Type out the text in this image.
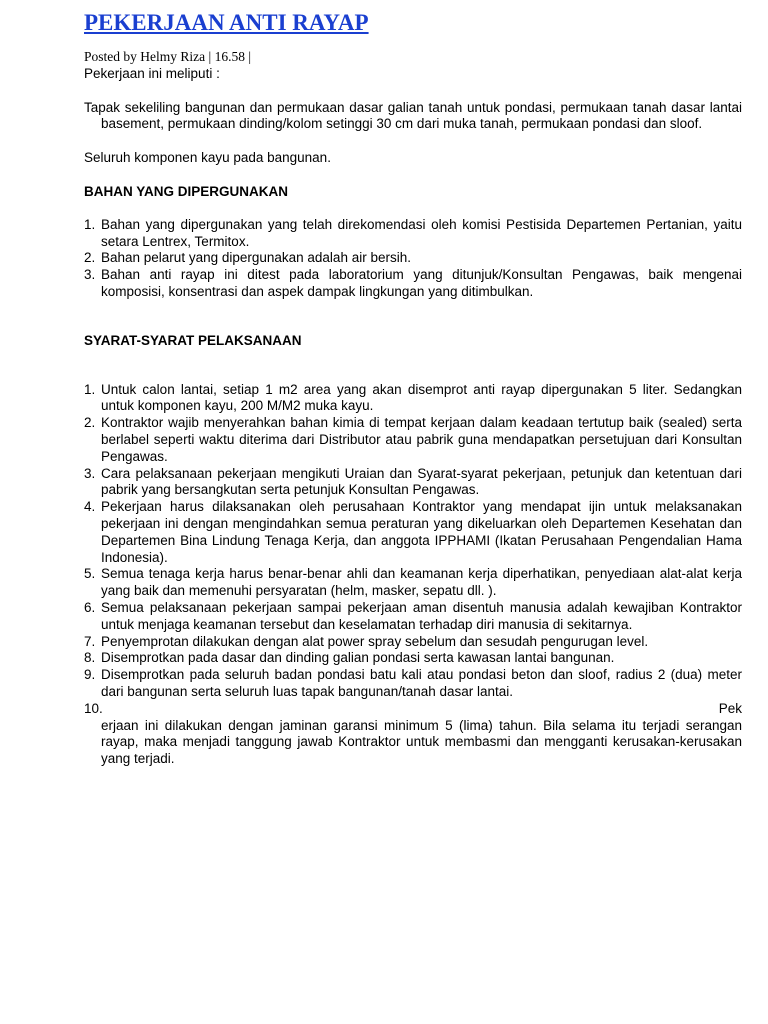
PEKERJAAN ANTI RAYAP
Posted by Helmy Riza | 16.58 |

Pekerjaan ini meliputi :

Tapak sekeliling bangunan dan permukaan dasar galian tanah untuk pondasi, permukaan tanah dasar lantai basement, permukaan dinding/kolom setinggi 30 cm dari muka tanah, permukaan pondasi dan sloof.

Seluruh komponen kayu pada bangunan.

BAHAN YANG DIPERGUNAKAN

1. Bahan yang dipergunakan yang telah direkomendasi oleh komisi Pestisida Departemen Pertanian, yaitu setara Lentrex, Termitox.
2. Bahan pelarut yang dipergunakan adalah air bersih.
3. Bahan anti rayap ini ditest pada laboratorium yang ditunjuk/Konsultan Pengawas, baik mengenai komposisi, konsentrasi dan aspek dampak lingkungan yang ditimbulkan.

SYARAT-SYARAT PELAKSANAAN

1. Untuk calon lantai, setiap 1 m2 area yang akan disemprot anti rayap dipergunakan 5 liter. Sedangkan untuk komponen kayu, 200 M/M2 muka kayu.
2. Kontraktor wajib menyerahkan bahan kimia di tempat kerjaan dalam keadaan tertutup baik (sealed) serta berlabel seperti waktu diterima dari Distributor atau pabrik guna mendapatkan persetujuan dari Konsultan Pengawas.
3. Cara pelaksanaan pekerjaan mengikuti Uraian dan Syarat-syarat pekerjaan, petunjuk dan ketentuan dari pabrik yang bersangkutan serta petunjuk Konsultan Pengawas.
4. Pekerjaan harus dilaksanakan oleh perusahaan Kontraktor yang mendapat ijin untuk melaksanakan pekerjaan ini dengan mengindahkan semua peraturan yang dikeluarkan oleh Departemen Kesehatan dan Departemen Bina Lindung Tenaga Kerja, dan anggota IPPHAMI (Ikatan Perusahaan Pengendalian Hama Indonesia).
5. Semua tenaga kerja harus benar-benar ahli dan keamanan kerja diperhatikan, penyediaan alat-alat kerja yang baik dan memenuhi persyaratan (helm, masker, sepatu dll. ).
6. Semua pelaksanaan pekerjaan sampai pekerjaan aman disentuh manusia adalah kewajiban Kontraktor untuk menjaga keamanan tersebut dan keselamatan terhadap diri manusia di sekitarnya.
7. Penyemprotan dilakukan dengan alat power spray sebelum dan sesudah pengurugan level.
8. Disemprotkan pada dasar dan dinding galian pondasi serta kawasan lantai bangunan.
9. Disemprotkan pada seluruh badan pondasi batu kali atau pondasi beton dan sloof, radius 2 (dua) meter dari bangunan serta seluruh luas tapak bangunan/tanah dasar lantai.
10.	Pek
erjaan ini dilakukan dengan jaminan garansi minimum 5 (lima) tahun. Bila selama itu terjadi serangan rayap, maka menjadi tanggung jawab Kontraktor untuk membasmi dan mengganti kerusakan-kerusakan yang terjadi.
